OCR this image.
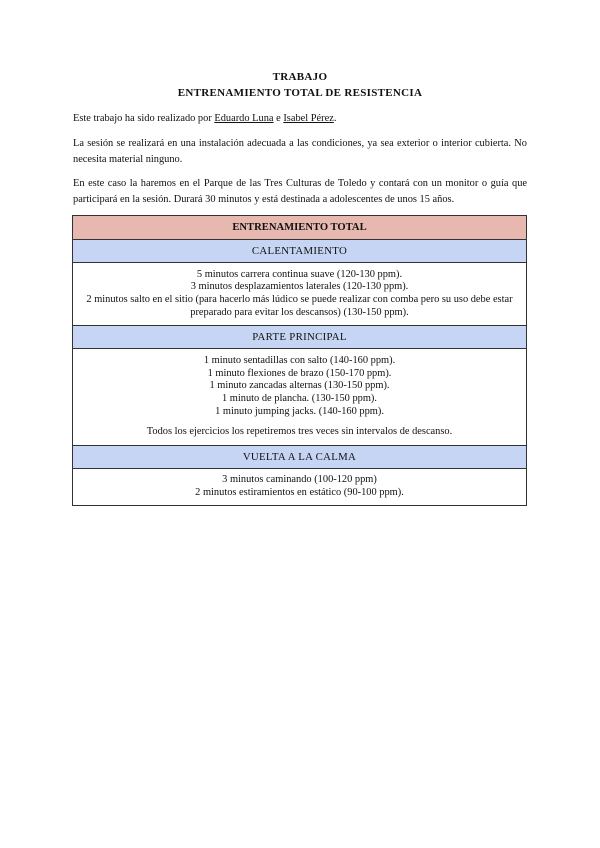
TRABAJO
ENTRENAMIENTO TOTAL DE RESISTENCIA
Este trabajo ha sido realizado por Eduardo Luna e Isabel Pérez.
La sesión se realizará en una instalación adecuada a las condiciones, ya sea exterior o interior cubierta. No necesita material ninguno.
En este caso la haremos en el Parque de las Tres Culturas de Toledo y contará con un monitor o guía que participará en la sesión. Durará 30 minutos y está destinada a adolescentes de unos 15 años.
ENTRENAMIENTO TOTAL
CALENTAMIENTO

5 minutos carrera continua suave (120-130 ppm).
3 minutos desplazamientos laterales (120-130 ppm).
2 minutos salto en el sitio (para hacerlo más lúdico se puede realizar con comba pero su uso debe estar preparado para evitar los descansos) (130-150 ppm).

PARTE PRINCIPAL

1 minuto sentadillas con salto (140-160 ppm).
1 minuto flexiones de brazo (150-170 ppm).
1 minuto zancadas alternas (130-150 ppm).
1 minuto de plancha. (130-150 ppm).
1 minuto jumping jacks. (140-160 ppm).
Todos los ejercicios los repetiremos tres veces sin intervalos de descanso.

VUELTA A LA CALMA

3 minutos caminando (100-120 ppm)
2 minutos estiramientos en estático (90-100 ppm).
